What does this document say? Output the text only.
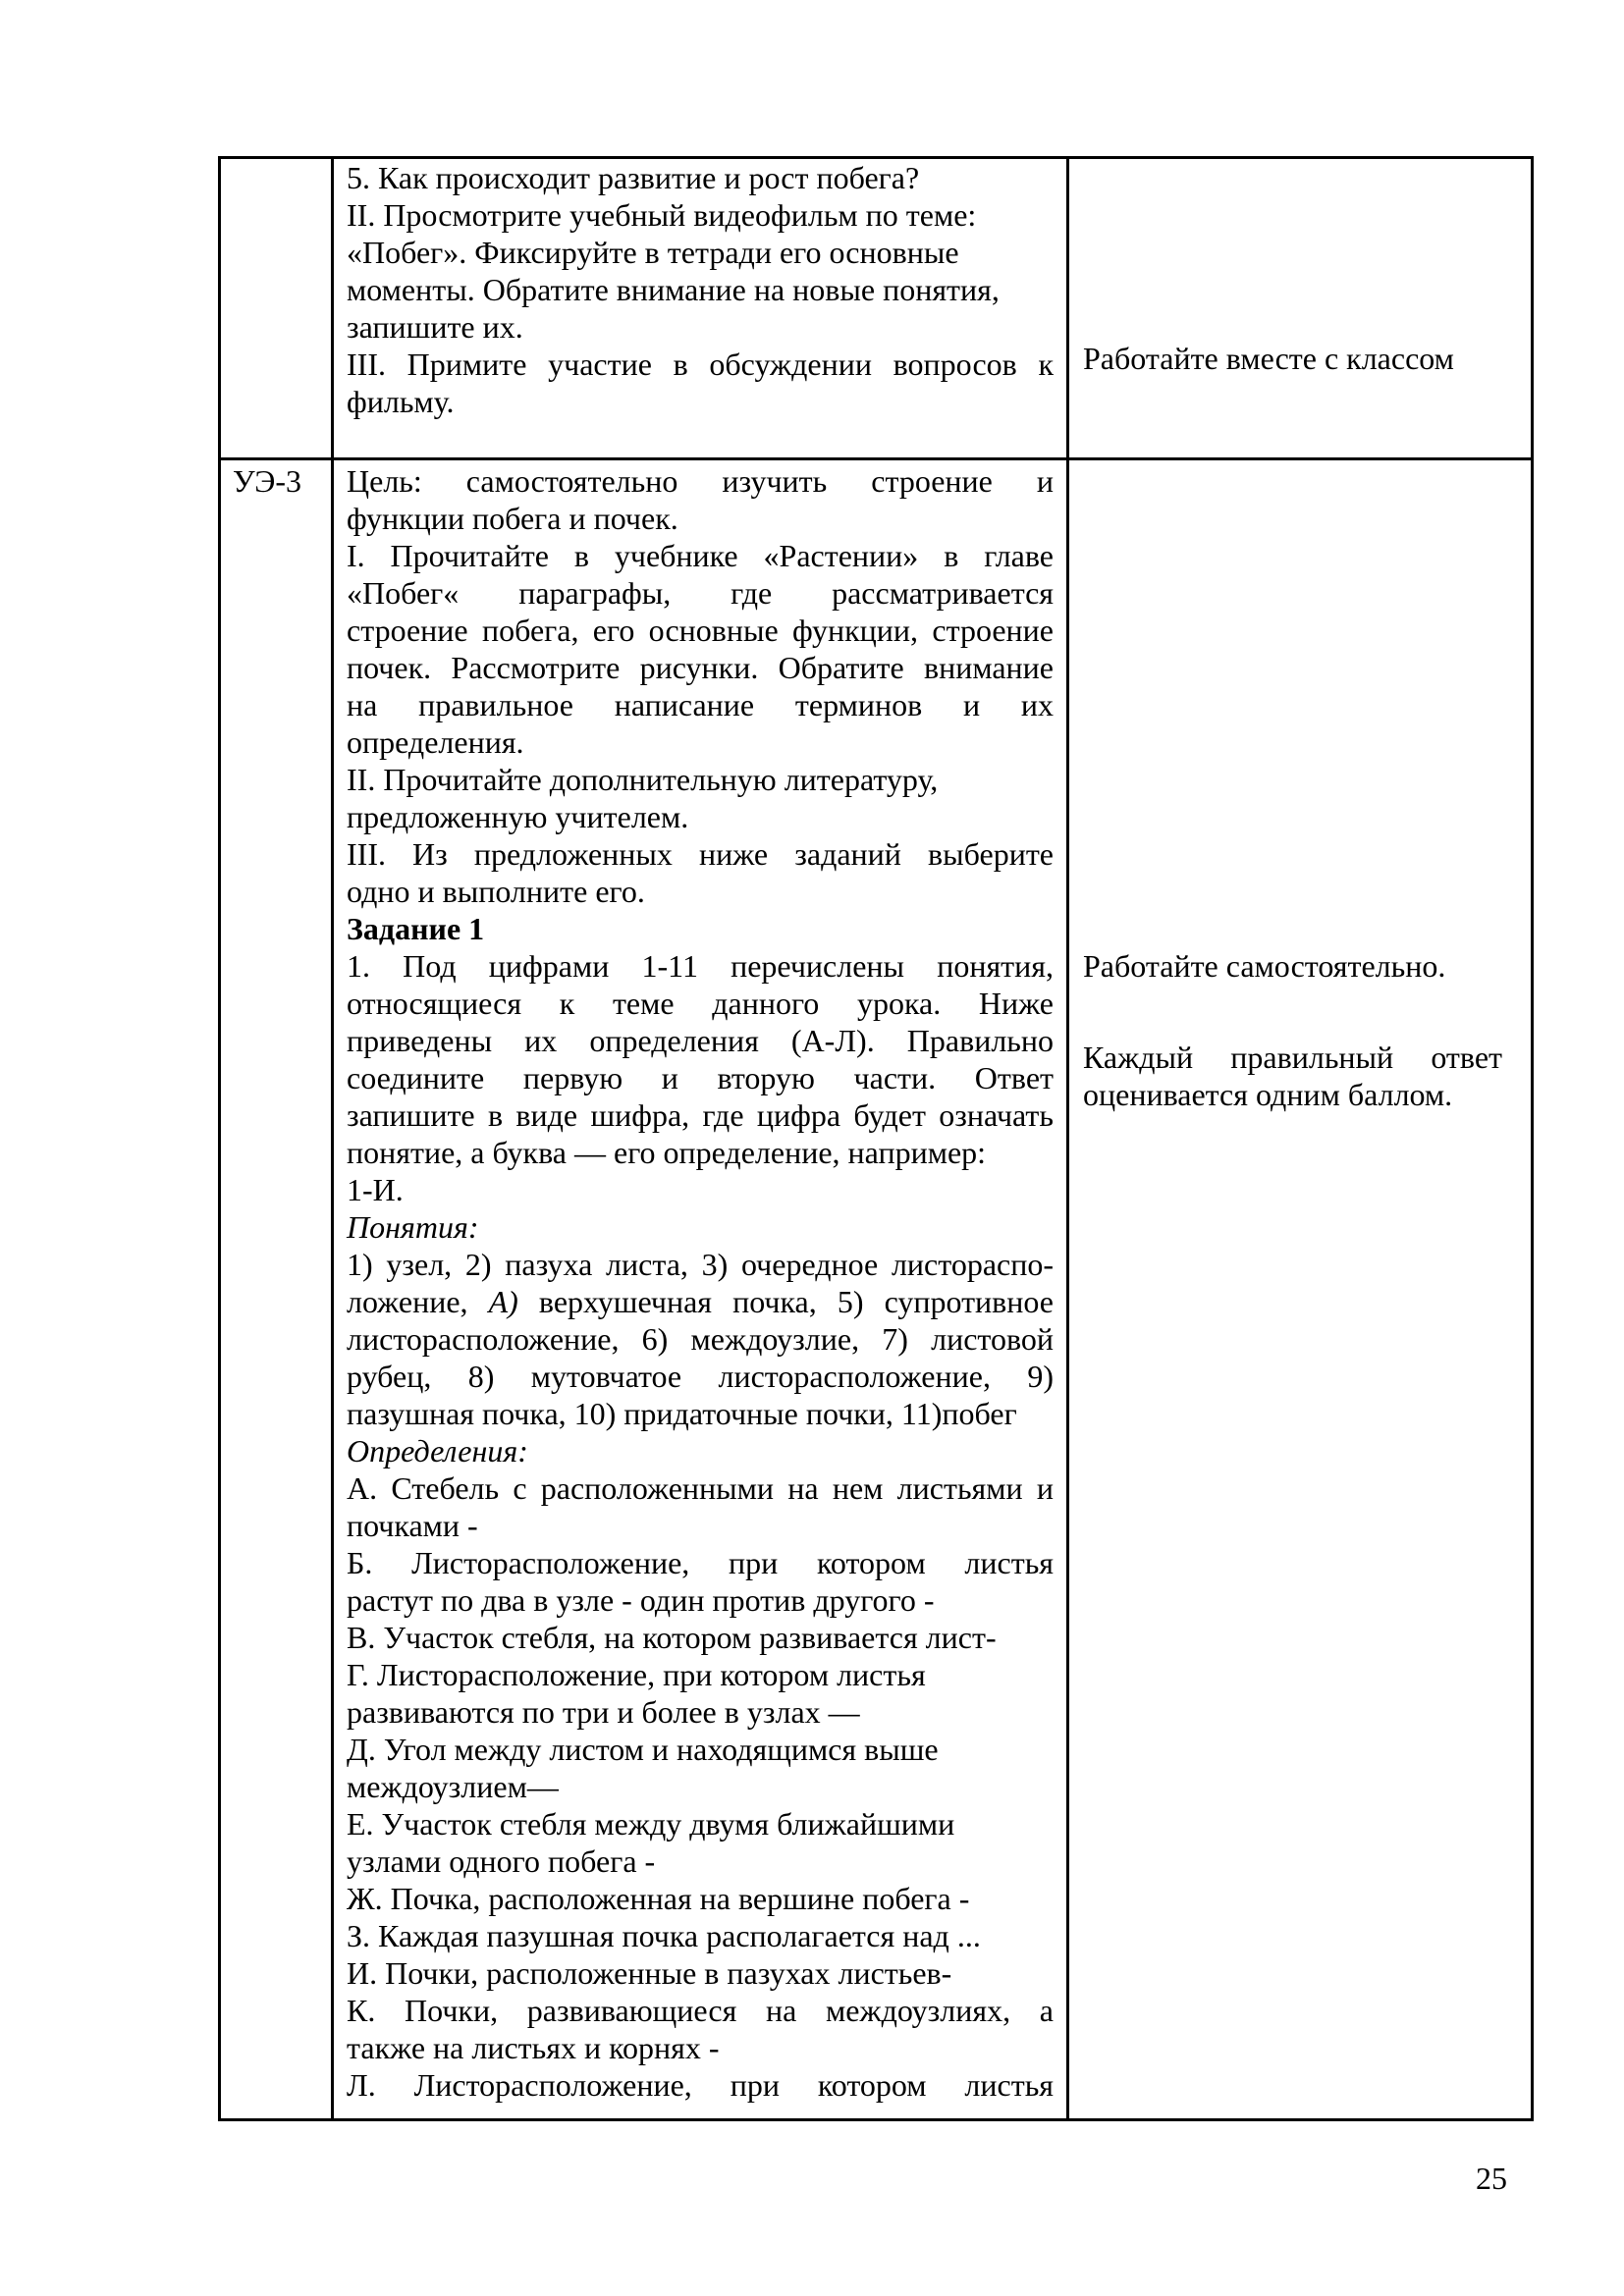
5. Как происходит развитие и рост побега?
II. Просмотрите учебный видеофильм по теме:
«Побег». Фиксируйте в тетради его основные
моменты. Обратите внимание на новые понятия,
запишите их.
III. Примите участие в обсуждении вопросов к
фильму.
Работайте вместе с классом
УЭ-3	Цель: самостоятельно изучить строение и
функции побега и почек.
I. Прочитайте в учебнике «Растении» в главе
«Побег« параграфы, где рассматривается
строение побега, его основные функции, строение
почек. Рассмотрите рисунки. Обратите внимание
на правильное написание терминов и их
определения.
II. Прочитайте дополнительную литературу,
предложенную учителем.
III. Из предложенных ниже заданий выберите
одно и выполните его.
Задание 1
1. Под цифрами 1-11 перечислены понятия,
относящиеся к теме данного урока. Ниже
приведены их определения (А-Л). Правильно
соедините первую и вторую части. Ответ
запишите в виде шифра, где цифра будет означать
понятие, а буква — его определение, например:
1-И.
Понятия:
1) узел, 2) пазуха листа, 3) очередное листораспо-
ложение, А) верхушечная почка, 5) супротивное
листорасположение, 6) междоузлие, 7) листовой
рубец, 8) мутовчатое листорасположение, 9)
пазушная почка, 10) придаточные почки, 11)побег
Определения:
А. Стебель с расположенными на нем листьями и
почками -
Б. Листорасположение, при котором листья
растут по два в узле - один против другого -
В. Участок стебля, на котором развивается лист-
Г. Листорасположение, при котором листья
развиваются по три и более в узлах —
Д. Угол между листом и находящимся выше
междоузлием—
Е. Участок стебля между двумя ближайшими
узлами одного побега -
Ж. Почка, расположенная на вершине побега -
З. Каждая пазушная почка располагается над ...
И. Почки, расположенные в пазухах листьев-
К. Почки, развивающиеся на междоузлиях, а
также на листьях и корнях -
Л. Листорасположение, при котором листья
Работайте самостоятельно.

Каждый правильный ответ
оценивается одним баллом.
25
